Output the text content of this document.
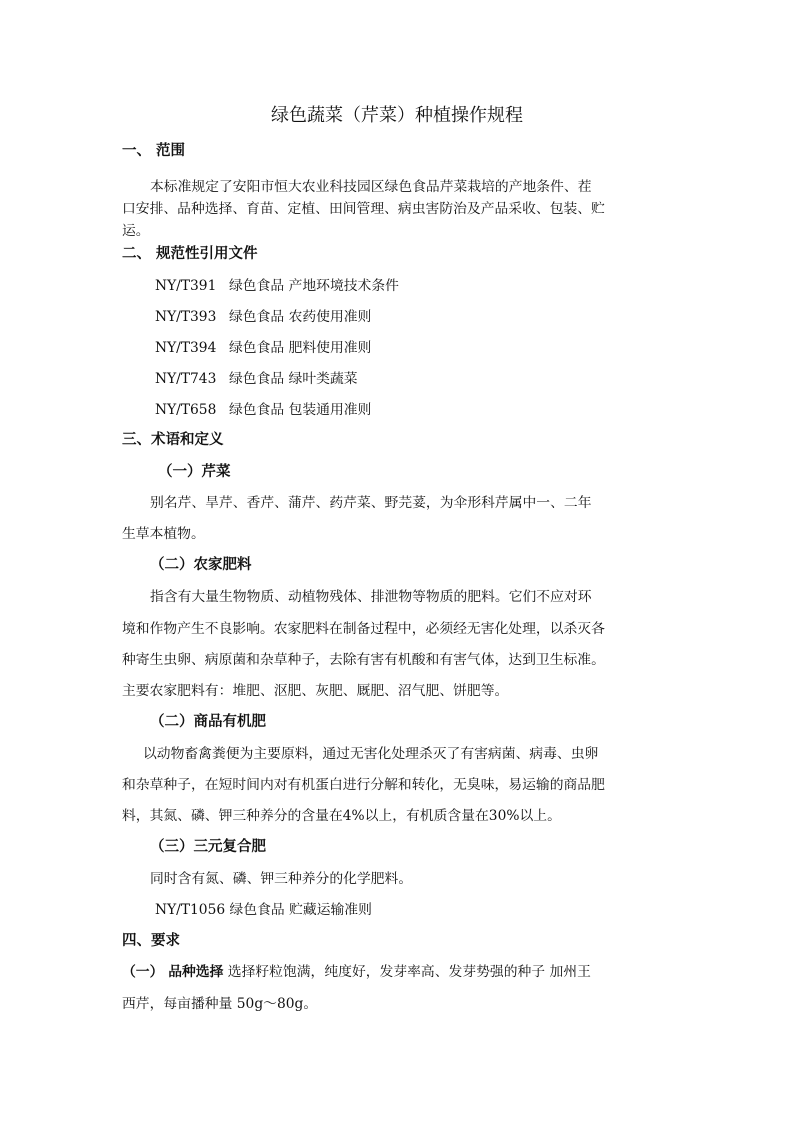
绿色蔬菜（芹菜）种植操作规程
一、 范围
本标准规定了安阳市恒大农业科技园区绿色食品芹菜栽培的产地条件、茬
口安排、品种选择、育苗、定植、田间管理、病虫害防治及产品采收、包装、贮
运。
二、 规范性引用文件
NY/T391 绿色食品 产地环境技术条件
NY/T393 绿色食品 农药使用准则
NY/T394 绿色食品 肥料使用准则
NY/T743 绿色食品 绿叶类蔬菜
NY/T658 绿色食品 包装通用准则
三、术语和定义
（一）芹菜
别名芹、旱芹、香芹、蒲芹、药芹菜、野芫荽，为伞形科芹属中一、二年
生草本植物。
（二）农家肥料
指含有大量生物物质、动植物残体、排泄物等物质的肥料。它们不应对环
境和作物产生不良影响。农家肥料在制备过程中，必须经无害化处理，以杀灭各
种寄生虫卵、病原菌和杂草种子，去除有害有机酸和有害气体，达到卫生标准。
主要农家肥料有：堆肥、沤肥、灰肥、厩肥、沼气肥、饼肥等。
（二）商品有机肥
以动物畜禽粪便为主要原料，通过无害化处理杀灭了有害病菌、病毒、虫卵
和杂草种子，在短时间内对有机蛋白进行分解和转化，无臭味，易运输的商品肥
料，其氮、磷、钾三种养分的含量在4%以上，有机质含量在30%以上。
（三）三元复合肥
同时含有氮、磷、钾三种养分的化学肥料。
NY/T1056 绿色食品 贮藏运输准则
四、要求
（一） 品种选择 选择籽粒饱满，纯度好，发芽率高、发芽势强的种子 加州王
西芹，每亩播种量 50g～80g。
